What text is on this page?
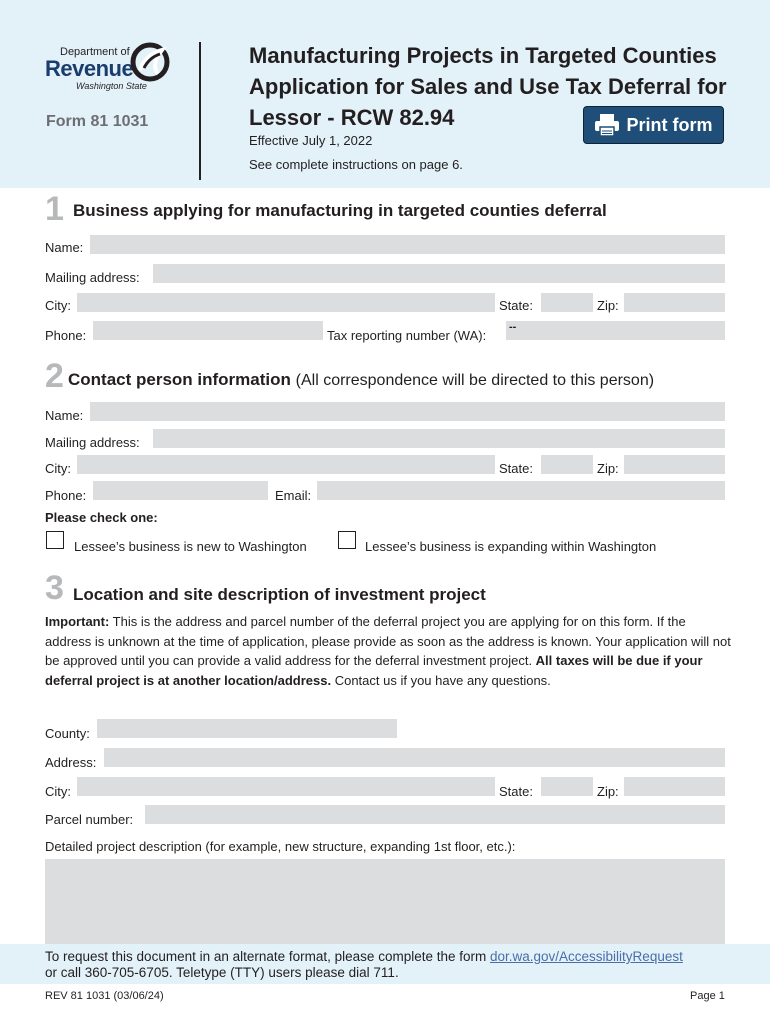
Department of
Revenue
Washington State
Form 81 1031
Manufacturing Projects in Targeted Counties
Application for Sales and Use Tax Deferral for
Lessor - RCW 82.94
Effective July 1, 2022
See complete instructions on page 6.
Print form
1 Business applying for manufacturing in targeted counties deferral
Name:
Mailing address:
City:	State:	Zip:
Phone:	Tax reporting number (WA):
--
2 Contact person information (All correspondence will be directed to this person)
Name:
Mailing address:
City:	State:	Zip:
Phone:	Email:
Please check one:
Lessee’s business is new to Washington	Lessee’s business is expanding within Washington
3 Location and site description of investment project
Important: This is the address and parcel number of the deferral project you are applying for on this form. If the address is unknown at the time of application, please provide as soon as the address is known. Your application will not be approved until you can provide a valid address for the deferral investment project. All taxes will be due if your deferral project is at another location/address. Contact us if you have any questions.
County:
Address:
City:	State:	Zip:
Parcel number:
Detailed project description (for example, new structure, expanding 1st floor, etc.):
To request this document in an alternate format, please complete the form dor.wa.gov/AccessibilityRequest
or call 360-705-6705. Teletype (TTY) users please dial 711.
REV 81 1031 (03/06/24)	Page 1
